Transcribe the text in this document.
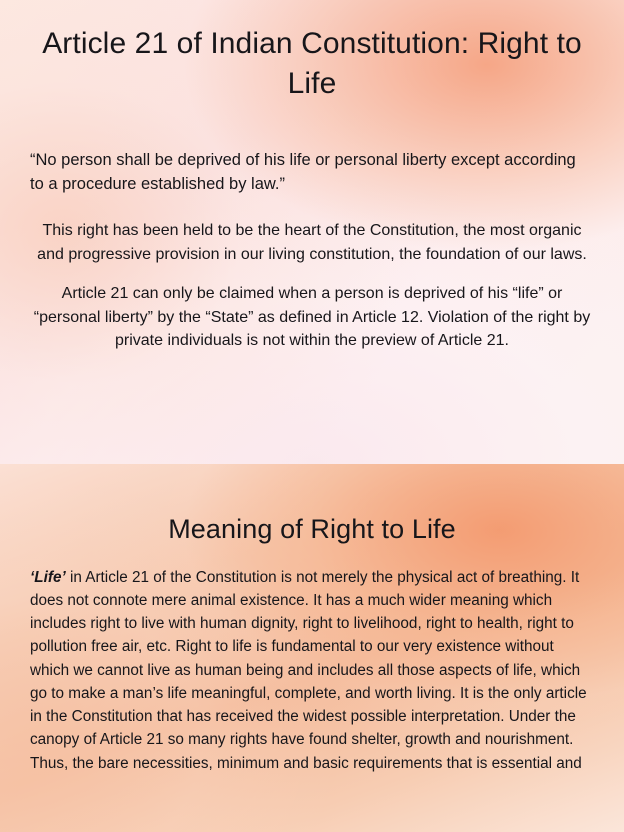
Article 21 of Indian Constitution: Right to Life

“No person shall be deprived of his life or personal liberty except according to a procedure established by law.”

This right has been held to be the heart of the Constitution, the most organic and progressive provision in our living constitution, the foundation of our laws.

Article 21 can only be claimed when a person is deprived of his “life” or “personal liberty” by the “State” as defined in Article 12. Violation of the right by private individuals is not within the preview of Article 21.

Meaning of Right to Life

‘Life’ in Article 21 of the Constitution is not merely the physical act of breathing. It does not connote mere animal existence. It has a much wider meaning which includes right to live with human dignity, right to livelihood, right to health, right to pollution free air, etc. Right to life is fundamental to our very existence without which we cannot live as human being and includes all those aspects of life, which go to make a man’s life meaningful, complete, and worth living. It is the only article in the Constitution that has received the widest possible interpretation. Under the canopy of Article 21 so many rights have found shelter, growth and nourishment. Thus, the bare necessities, minimum and basic requirements that is essential and
